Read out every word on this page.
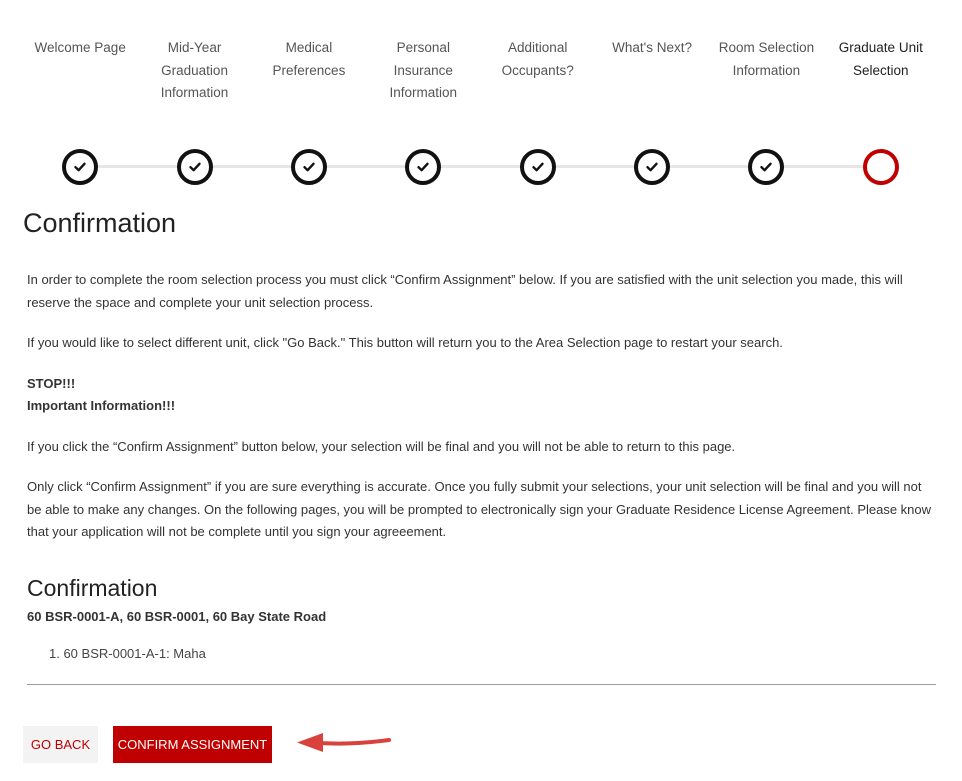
Welcome Page	Mid-Year Graduation Information
Medical Preferences
Personal Insurance Information
Additional Occupants?
What's Next?	Room Selection Information
Graduate Unit Selection
Confirmation

In order to complete the room selection process you must click “Confirm Assignment” below. If you are satisfied with the unit selection you made, this will reserve the space and complete your unit selection process.

If you would like to select different unit, click "Go Back." This button will return you to the Area Selection page to restart your search.

STOP!!!
Important Information!!!

If you click the “Confirm Assignment” button below, your selection will be final and you will not be able to return to this page.

Only click “Confirm Assignment” if you are sure everything is accurate. Once you fully submit your selections, your unit selection will be final and you will not be able to make any changes. On the following pages, you will be prompted to electronically sign your Graduate Residence License Agreement. Please know that your application will not be complete until you sign your agreeement.

Confirmation
60 BSR-0001-A, 60 BSR-0001, 60 Bay State Road
1. 60 BSR-0001-A-1: Maha
GO BACK	CONFIRM ASSIGNMENT
